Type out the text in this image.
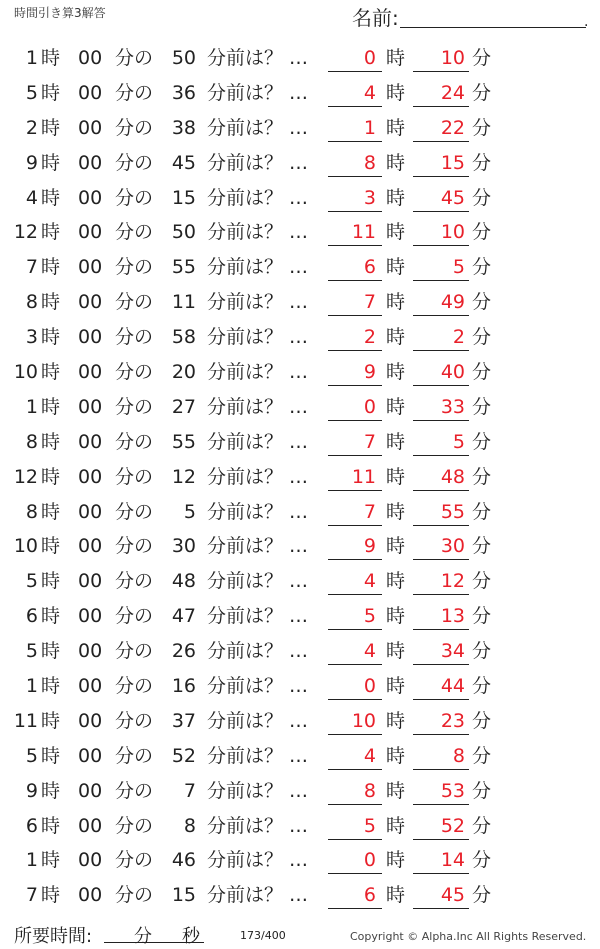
時間引き算3解答	名前:	.
1 時 00 分の 50 分前は？ …	0 時	10 分
5 時 00 分の 36 分前は？ …	4 時	24 分
2 時 00 分の 38 分前は？ …	1 時	22 分
9 時 00 分の 45 分前は？ …	8 時	15 分
4 時 00 分の 15 分前は？ …	3 時	45 分
12 時 00 分の 50 分前は？ …	11 時	10 分
7 時 00 分の 55 分前は？ …	6 時	5 分
8 時 00 分の 11 分前は？ …	7 時	49 分
3 時 00 分の 58 分前は？ …	2 時	2 分
10 時 00 分の 20 分前は？ …	9 時	40 分
1 時 00 分の 27 分前は？ …	0 時	33 分
8 時 00 分の 55 分前は？ …	7 時	5 分
12 時 00 分の 12 分前は？ …	11 時	48 分
8 時 00 分の	5 分前は？ …	7 時	55 分
10 時 00 分の 30 分前は？ …	9 時	30 分
5 時 00 分の 48 分前は？ …	4 時	12 分
6 時 00 分の 47 分前は？ …	5 時	13 分
5 時 00 分の 26 分前は？ …	4 時	34 分
1 時 00 分の 16 分前は？ …	0 時	44 分
11 時 00 分の 37 分前は？ …	10 時	23 分
5 時 00 分の 52 分前は？ …	4 時	8 分
9 時 00 分の	7 分前は？ …	8 時	53 分
6 時 00 分の	8 分前は？ …	5 時	52 分
1 時 00 分の 46 分前は？ …	0 時	14 分
7 時 00 分の 15 分前は？ …	6 時	45 分
所要時間: 分 秒	173/400	Copyright © Alpha.Inc All Rights Reserved.
